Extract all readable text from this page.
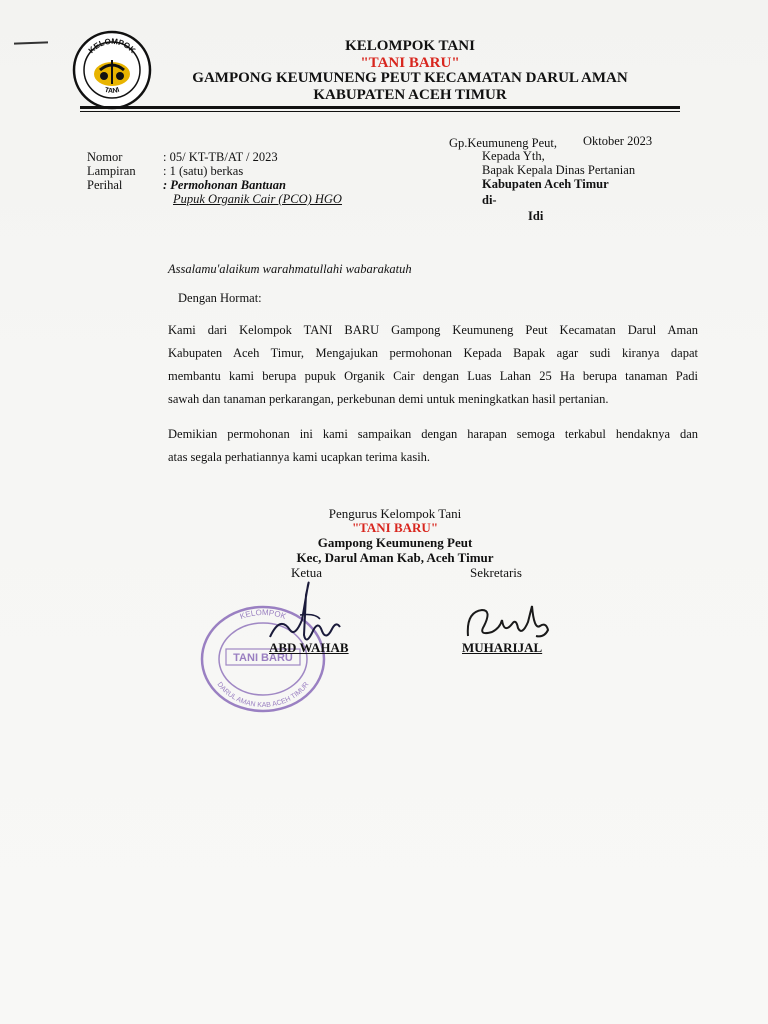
KELOMPOK
TANI
KELOMPOK TANI
"TANI BARU"
GAMPONG KEUMUNENG PEUT KECAMATAN DARUL AMAN
KABUPATEN ACEH TIMUR
Nomor	: 05/ KT-TB/AT / 2023
Lampiran : 1 (satu) berkas
Perihal	: Permohonan Bantuan
Pupuk Organik Cair (PCO) HGO
Gp.Keumuneng Peut, Oktober 2023
Kepada Yth,
Bapak Kepala Dinas Pertanian
Kabupaten Aceh Timur
di-
Idi
Assalamu'alaikum warahmatullahi wabarakatuh
Dengan Hormat:
Kami dari Kelompok TANI BARU Gampong Keumuneng Peut Kecamatan Darul Aman
Kabupaten Aceh Timur, Mengajukan permohonan Kepada Bapak agar sudi kiranya dapat
membantu kami berupa pupuk Organik Cair dengan Luas Lahan 25 Ha berupa tanaman Padi
sawah dan tanaman perkarangan, perkebunan demi untuk meningkatkan hasil pertanian.
Demikian permohonan ini kami sampaikan dengan harapan semoga terkabul hendaknya dan
atas segala perhatiannya kami ucapkan terima kasih.
Pengurus Kelompok Tani
"TANI BARU"
Gampong Keumuneng Peut
Kec, Darul Aman Kab, Aceh Timur
Ketua	Sekretaris
KELOMPOK
DARUL AMAN KAB ACEH TIMUR
TANI BARU
ABD WAHAB	MUHARIJAL
